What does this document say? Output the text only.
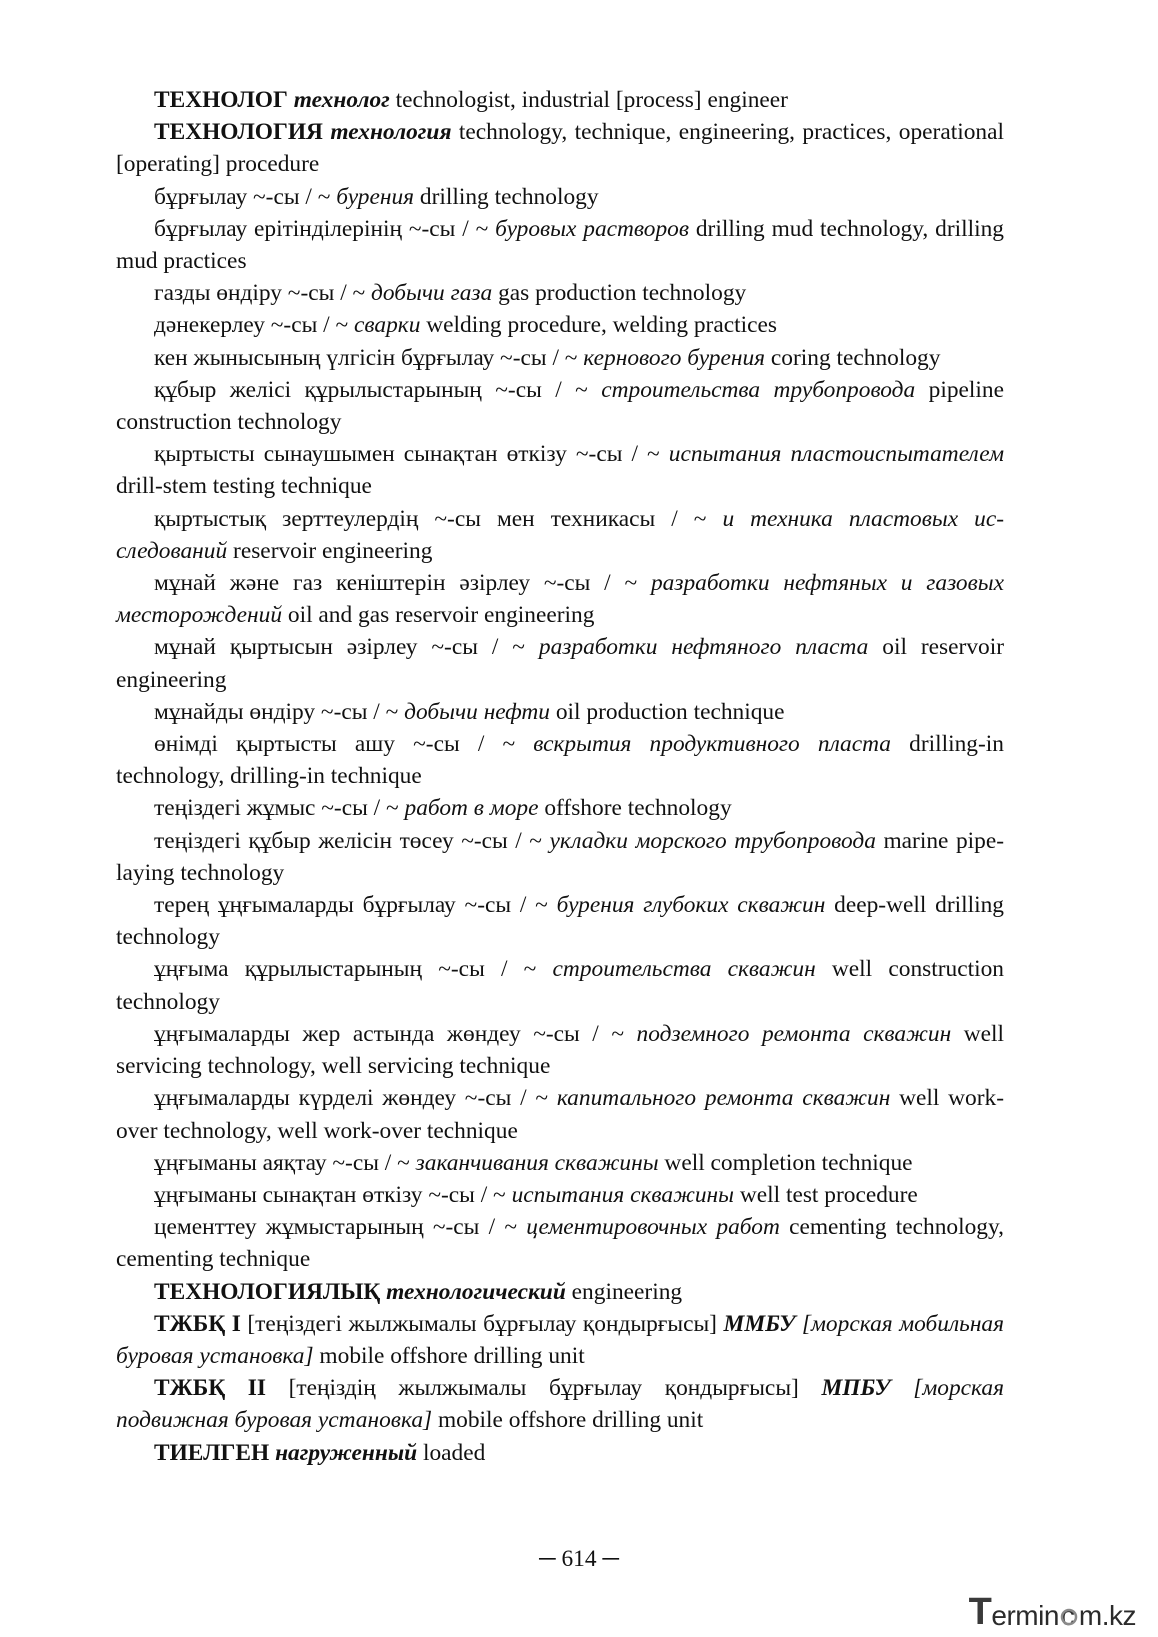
ТЕХНОЛОГ технолог technologist, industrial [process] engineer

ТЕХНОЛОГИЯ технология technology, technique, engineering, practices, operational [operating] procedure

бұрғылау ~-сы / ~ бурения drilling technology

бұрғылау ерітінділерінің ~-сы / ~ буровых растворов drilling mud technology, drilling mud practices

газды өндіру ~-сы / ~ добычи газа gas production technology

дәнекерлеу ~-сы / ~ сварки welding procedure, welding practices

кен жынысының үлгісін бұрғылау ~-сы / ~ кернового бурения coring technology

құбыр желісі құрылыстарының ~-сы / ~ строительства трубопровода pipeline construction technology

қыртысты сынаушымен сынақтан өткізу ~-сы / ~ испытания пластоиспытателем drill-stem testing technique

қыртыстық зерттеулердің ~-сы мен техникасы / ~ и техника пластовых исследований reservoir engineering

мұнай және газ кеніштерін әзірлеу ~-сы / ~ разработки нефтяных и газовых месторождений oil and gas reservoir engineering

мұнай қыртысын әзірлеу ~-сы / ~ разработки нефтяного пласта oil reservoir engineering

мұнайды өндіру ~-сы / ~ добычи нефти oil production technique

өнімді қыртысты ашу ~-сы / ~ вскрытия продуктивного пласта drilling-in technology, drilling-in technique

теңіздегі жұмыс ~-сы / ~ работ в море offshore technology

теңіздегі құбыр желісін төсеу ~-сы / ~ укладки морского трубопровода marine pipe-laying technology

терең ұңғымаларды бұрғылау ~-сы / ~ бурения глубоких скважин deep-well drilling technology

ұңғыма құрылыстарының ~-сы / ~ строительства скважин well construction technology

ұңғымаларды жер астында жөндеу ~-сы / ~ подземного ремонта скважин well servicing technology, well servicing technique

ұңғымаларды күрделі жөндеу ~-сы / ~ капитального ремонта скважин well work-over technology, well work-over technique

ұңғыманы аяқтау ~-сы / ~ заканчивания скважины well completion technique

ұңғыманы сынақтан өткізу ~-сы / ~ испытания скважины well test procedure

цементтеу жұмыстарының ~-сы / ~ цементировочных работ cementing technology, cementing technique

ТЕХНОЛОГИЯЛЫҚ технологический engineering

ТЖБҚ I [теңіздегі жылжымалы бұрғылау қондырғысы] ММБУ [морская мобильная буровая установка] mobile offshore drilling unit

ТЖБҚ II [теңіздің жылжымалы бұрғылау қондырғысы] МПБУ [морская подвижная буровая установка] mobile offshore drilling unit

ТИЕЛГЕН нагруженный loaded

─ 614 ─
T ermin c m.kz
